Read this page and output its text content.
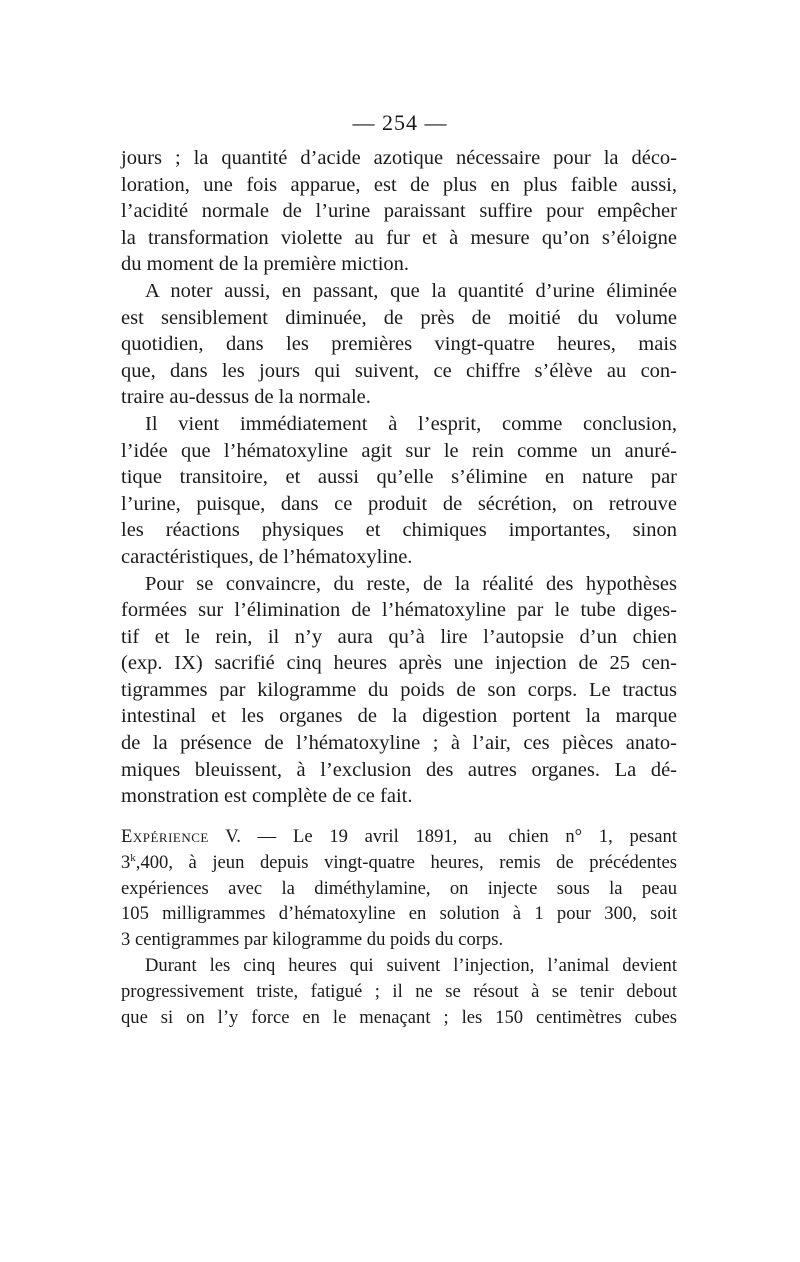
— 254 —
jours ; la quantité d’acide azotique nécessaire pour la déco-
loration, une fois apparue, est de plus en plus faible aussi,
l’acidité normale de l’urine paraissant suffire pour empêcher
la transformation violette au fur et à mesure qu’on s’éloigne
du moment de la première miction.
A noter aussi, en passant, que la quantité d’urine éliminée
est sensiblement diminuée, de près de moitié du volume
quotidien, dans les premières vingt-quatre heures, mais
que, dans les jours qui suivent, ce chiffre s’élève au con-
traire au-dessus de la normale.
Il vient immédiatement à l’esprit, comme conclusion,
l’idée que l’hématoxyline agit sur le rein comme un anuré-
tique transitoire, et aussi qu’elle s’élimine en nature par
l’urine, puisque, dans ce produit de sécrétion, on retrouve
les réactions physiques et chimiques importantes, sinon
caractéristiques, de l’hématoxyline.
Pour se convaincre, du reste, de la réalité des hypothèses
formées sur l’élimination de l’hématoxyline par le tube diges-
tif et le rein, il n’y aura qu’à lire l’autopsie d’un chien
(exp. IX) sacrifié cinq heures après une injection de 25 cen-
tigrammes par kilogramme du poids de son corps. Le tractus
intestinal et les organes de la digestion portent la marque
de la présence de l’hématoxyline ; à l’air, ces pièces anato-
miques bleuissent, à l’exclusion des autres organes. La dé-
monstration est complète de ce fait.
Expérience V. — Le 19 avril 1891, au chien n° 1, pesant
3$^k$,400, à jeun depuis vingt-quatre heures, remis de précédentes
expériences avec la diméthylamine, on injecte sous la peau
105 milligrammes d’hématoxyline en solution à 1 pour 300, soit
3 centigrammes par kilogramme du poids du corps.
Durant les cinq heures qui suivent l’injection, l’animal devient
progressivement triste, fatigué ; il ne se résout à se tenir debout
que si on l’y force en le menaçant ; les 150 centimètres cubes
